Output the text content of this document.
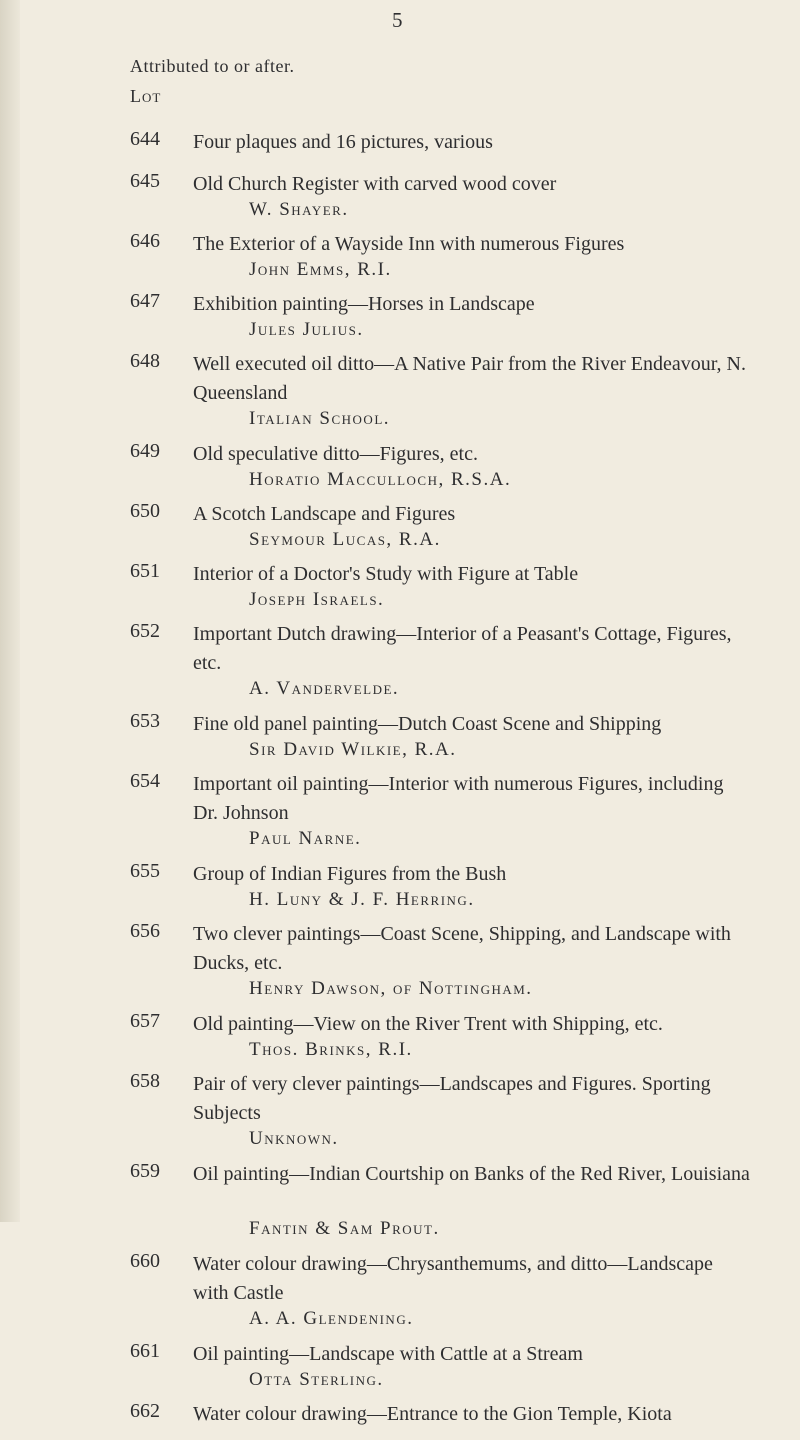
5
Attributed to or after.
Lot
644	Four plaques and 16 pictures, various
645	Old Church Register with carved wood cover
W. Shayer.
646	The Exterior of a Wayside Inn with numerous Figures
John Emms, R.I.
647	Exhibition painting—Horses in Landscape
Jules Julius.
648	Well executed oil ditto—A Native Pair from the River Endeavour, N. Queensland
Italian School.
649	Old speculative ditto—Figures, etc.
Horatio Macculloch, R.S.A.
650	A Scotch Landscape and Figures
Seymour Lucas, R.A.
651	Interior of a Doctor's Study with Figure at Table
Joseph Israels.
652	Important Dutch drawing—Interior of a Peasant's Cottage, Figures, etc.
A. Vanderveldе.
653	Fine old panel painting—Dutch Coast Scene and Shipping
Sir David Wilkie, R.A.
654	Important oil painting—Interior with numerous Figures, including Dr. Johnson
Paul Narne.
655	Group of Indian Figures from the Bush
H. Luny & J. F. Herring.
656	Two clever paintings—Coast Scene, Shipping, and Landscape with Ducks, etc.
Henry Dawson, of Nottingham.
657	Old painting—View on the River Trent with Shipping, etc.
Thos. Brinks, R.I.
658	Pair of very clever paintings—Landscapes and Figures. Sporting Subjects
Unknown.
659	Oil painting—Indian Courtship on Banks of the Red River, Louisiana
Fantin & Sam Prout.
660	Water colour drawing—Chrysanthemums, and ditto—Landscape with Castle
A. A. Glendening.
661	Oil painting—Landscape with Cattle at a Stream
Otta Sterling.
662	Water colour drawing—Entrance to the Gion Temple, Kiota
